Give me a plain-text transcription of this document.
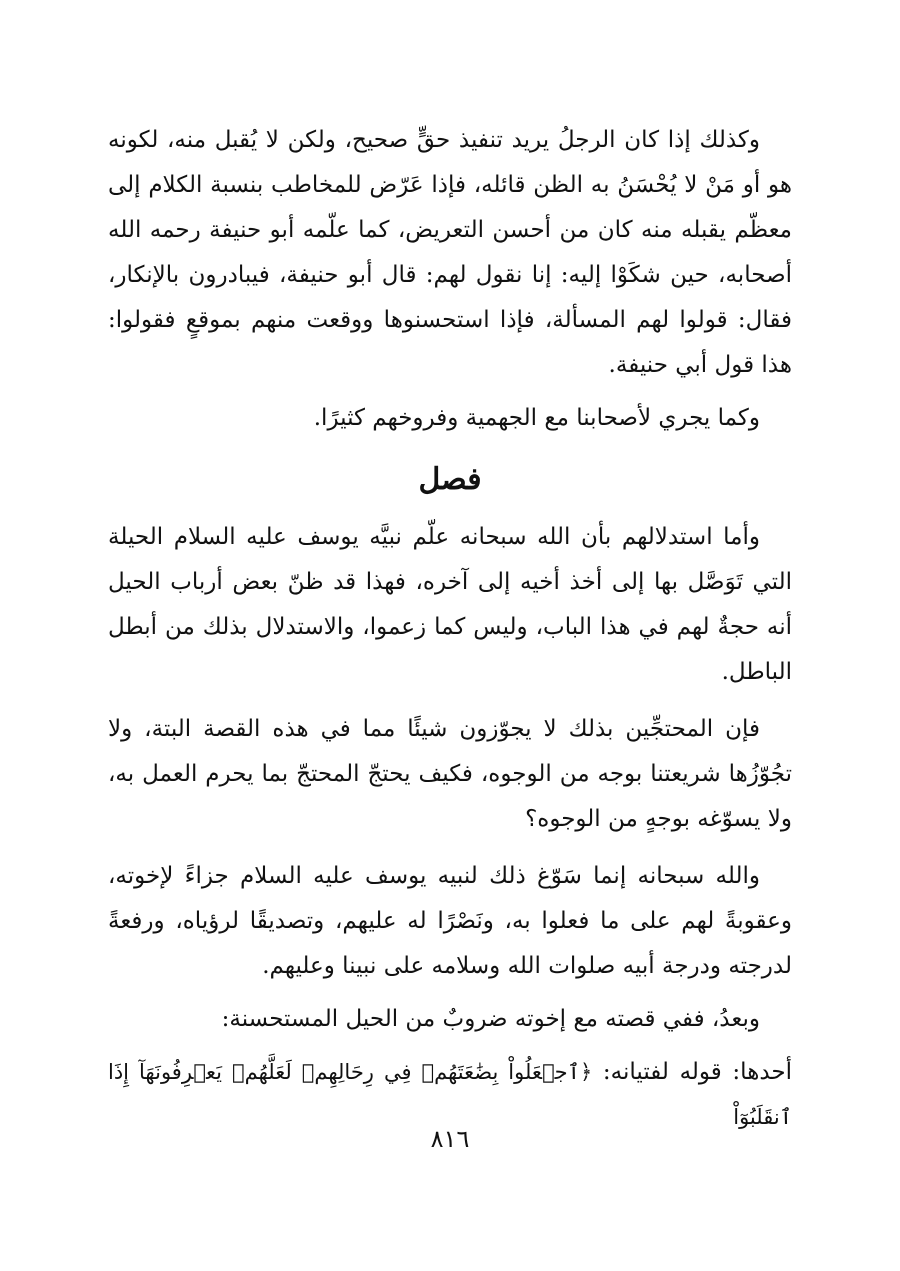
وكذلك إذا كان الرجلُ يريد تنفيذ حقٍّ صحيح، ولكن لا يُقبل منه، لكونه هو أو مَنْ لا يُحْسَنُ به الظن قائله، فإذا عَرّض للمخاطب بنسبة الكلام إلى معظّم يقبله منه كان من أحسن التعريض، كما علّمه أبو حنيفة رحمه الله أصحابه، حين شكَوْا إليه: إنا نقول لهم: قال أبو حنيفة، فيبادرون بالإنكار، فقال: قولوا لهم المسألة، فإذا استحسنوها ووقعت منهم بموقعٍ فقولوا: هذا قول أبي حنيفة.

وكما يجري لأصحابنا مع الجهمية وفروخهم كثيرًا.

فصل

وأما استدلالهم بأن الله سبحانه علّم نبيَّه يوسف عليه السلام الحيلة التي تَوَصَّل بها إلى أخذ أخيه إلى آخره، فهذا قد ظنّ بعض أرباب الحيل أنه حجةٌ لهم في هذا الباب، وليس كما زعموا، والاستدلال بذلك من أبطل الباطل.

فإن المحتجِّين بذلك لا يجوّزون شيئًا مما في هذه القصة البتة، ولا تجُوّزُها شريعتنا بوجه من الوجوه، فكيف يحتجّ المحتجّ بما يحرم العمل به، ولا يسوّغه بوجهٍ من الوجوه؟

والله سبحانه إنما سَوّغ ذلك لنبيه يوسف عليه السلام جزاءً لإخوته، وعقوبةً لهم على ما فعلوا به، ونَصْرًا له عليهم، وتصديقًا لرؤياه، ورفعةً لدرجته ودرجة أبيه صلوات الله وسلامه على نبينا وعليهم.

وبعدُ، ففي قصته مع إخوته ضروبٌ من الحيل المستحسنة:

أحدها: قوله لفتيانه: ﴿ٱجۡعَلُواْ بِضَٰعَتَهُمۡ فِي رِحَالِهِمۡ لَعَلَّهُمۡ يَعۡرِفُونَهَآ إِذَا ٱنقَلَبُوٓاْ

٨١٦
